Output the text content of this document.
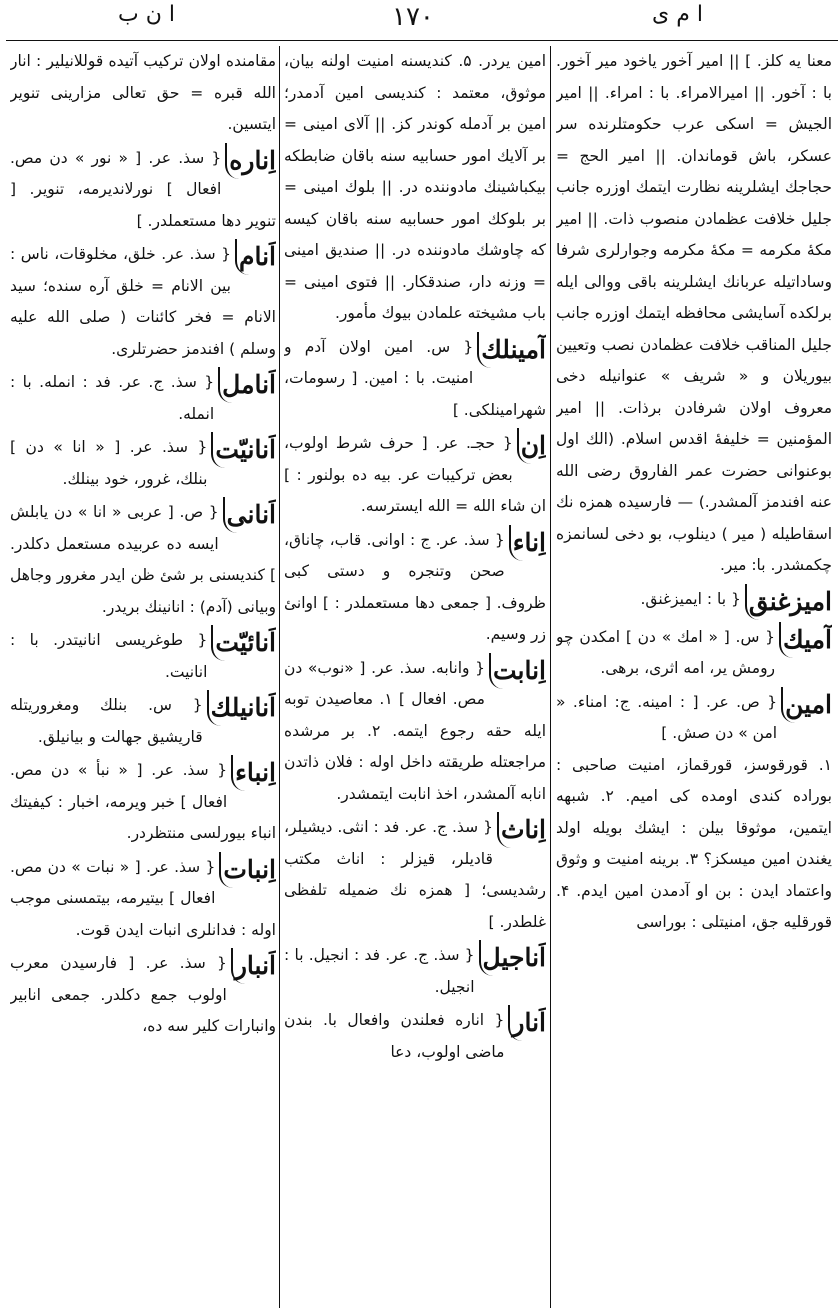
ا ن ب	۱۷۰	ا م ی
معنا يه كلز. ] || امير آخور ياخود مير آخور. با : آخور. || اميرالامراء. با : امراء. || امير الجيش = اسكى عرب حكومتلرنده سر عسكر، باش قوماندان. || امير الحج = حجاجك ايشلرينه نظارت ايتمك اوزره جانب جليل خلافت عظمادن منصوب ذات. || امير مكهٔ مكرمه = مكهٔ مكرمه وجوارلرى شرفا وساداتيله عربانك ايشلرينه باقى ووالى ايله برلكده آسايشى محافظه ايتمك اوزره جانب جليل المناقب خلافت عظمادن نصب وتعيين بيوريلان و « شريف » عنوانيله دخى معروف اولان شرفادن برذات. || امير المؤمنين = خليفهٔ اقدس اسلام. (الك اول بوعنوانى حضرت عمر الفاروق رضى الله عنه افندمز آلمشدر.) — فارسيده همزه نك اسقاطيله ( مير ) دينلوب، بو دخى لسانمزه چكمشدر. با: مير.
اميزغنق
{ با : ايميزغنق.
آميك
{ س. [ « امك » دن ] امكدن چو رومش ير، امه اثرى، برهى.
امين
{ ص. عر. [ : امينه. ج: امناء. « امن » دن صش. ]
۱. قورقوسز، قورقماز، امنيت صاحبى : بوراده كندى اومده كى اميم. ۲. شبهه ايتمين، موثوقا بيلن : ايشك بويله اولد يغندن امين ميسكز؟ ۳. برينه امنيت و وثوق واعتماد ايدن : بن او آدمدن امين ايدم. ۴. قورقليه جق، امنيتلى : بوراسى
امين يردر. ۵. كنديسنه امنيت اولنه بيان، موثوق، معتمد : كنديسى امين آدمدر؛ امين بر آدمله كوندر كز. || آلاى امينى = بر آلايك امور حسابيه سنه باقان ضابطكه بيكباشينك مادوننده در. || بلوك امينى = بر بلوكك امور حسابيه سنه باقان كيسه كه چاوشك مادوننده در. || صنديق امينى = وزنه دار، صندقكار. || فتوى امينى = باب مشيخته علمادن بيوك مأمور.
آمينلك
{ س. امين اولان آدم و امنيت. با : امين. [ رسومات، شهرامينلكى. ]
اِن
{ حجـ. عر. [ حرف شرط اولوب، بعض تركيبات عر. بيه ده بولنور : ] ان شاء الله = الله ايسترسه.
اِناء
{ سذ. عر. ج : اوانى. قاب، چاناق، صحن وتنجره و دستى كبى ظروف. [ جمعى دها مستعملدر : ] اوانئ زر وسيم.
اِنابت
{ وانابه. سذ. عر. [ «نوب» دن مص. افعال ] ۱. معاصيدن توبه ايله حقه رجوع ايتمه. ۲. بر مرشده مراجعتله طريقته داخل اوله : فلان ذاتدن انابه آلمشدر، اخذ انابت ايتمشدر.
اِناث
{ سذ. ج. عر. فد : انثى. ديشيلر، قاديلر، قيزلر : اناث مكتب رشديسى؛ [ همزه نك ضميله تلفظى غلطدر. ]
اَناجيل
{ سذ. ج. عر. فد : انجيل. با : انجيل.
اَنار
{ اناره فعلندن وافعال با. بندن ماضى اولوب، دعا
مقامنده اولان تركيب آتيده قوللانيلير : انار الله قبره = حق تعالى مزارينى تنوير ايتسين.
اِناره
{ سذ. عر. [ « نور » دن مص. افعال ] نورلانديرمه، تنوير. [ تنوير دها مستعملدر. ]
اَنام
{ سذ. عر. خلق، مخلوقات، ناس : بين الانام = خلق آره سنده؛ سيد الانام = فخر كائنات ( صلى الله عليه وسلم ) افندمز حضرتلرى.
اَنامل
{ سذ. ج. عر. فد : انمله. با : انمله.
اَنانيّت
{ سذ. عر. [ « انا » دن ] بنلك، غرور، خود بينلك.
اَنانى
{ ص. [ عربى « انا » دن يابلش ايسه ده عربيده مستعمل دكلدر. ] كنديسنى بر شئ ظن ايدر مغرور وجاهل وبيانى (آدم) : انانينك بريدر.
اَنائيّت
{ طوغريسى انانيتدر. با : انانيت.
اَنانيلك
{ س. بنلك ومغروريتله قاريشيق جهالت و بيانيلق.
اِنباء
{ سذ. عر. [ « نبأ » دن مص. افعال ] خبر ويرمه، اخبار : كيفيتك انباء بيورلسى منتظردر.
اِنبات
{ سذ. عر. [ « نبات » دن مص. افعال ] بيتيرمه، بيتمسنى موجب اوله : فدانلرى انبات ايدن قوت.
اَنبار
{ سذ. عر. [ فارسيدن معرب اولوب جمع دكلدر. جمعى انابير وانبارات كلير سه ده،
